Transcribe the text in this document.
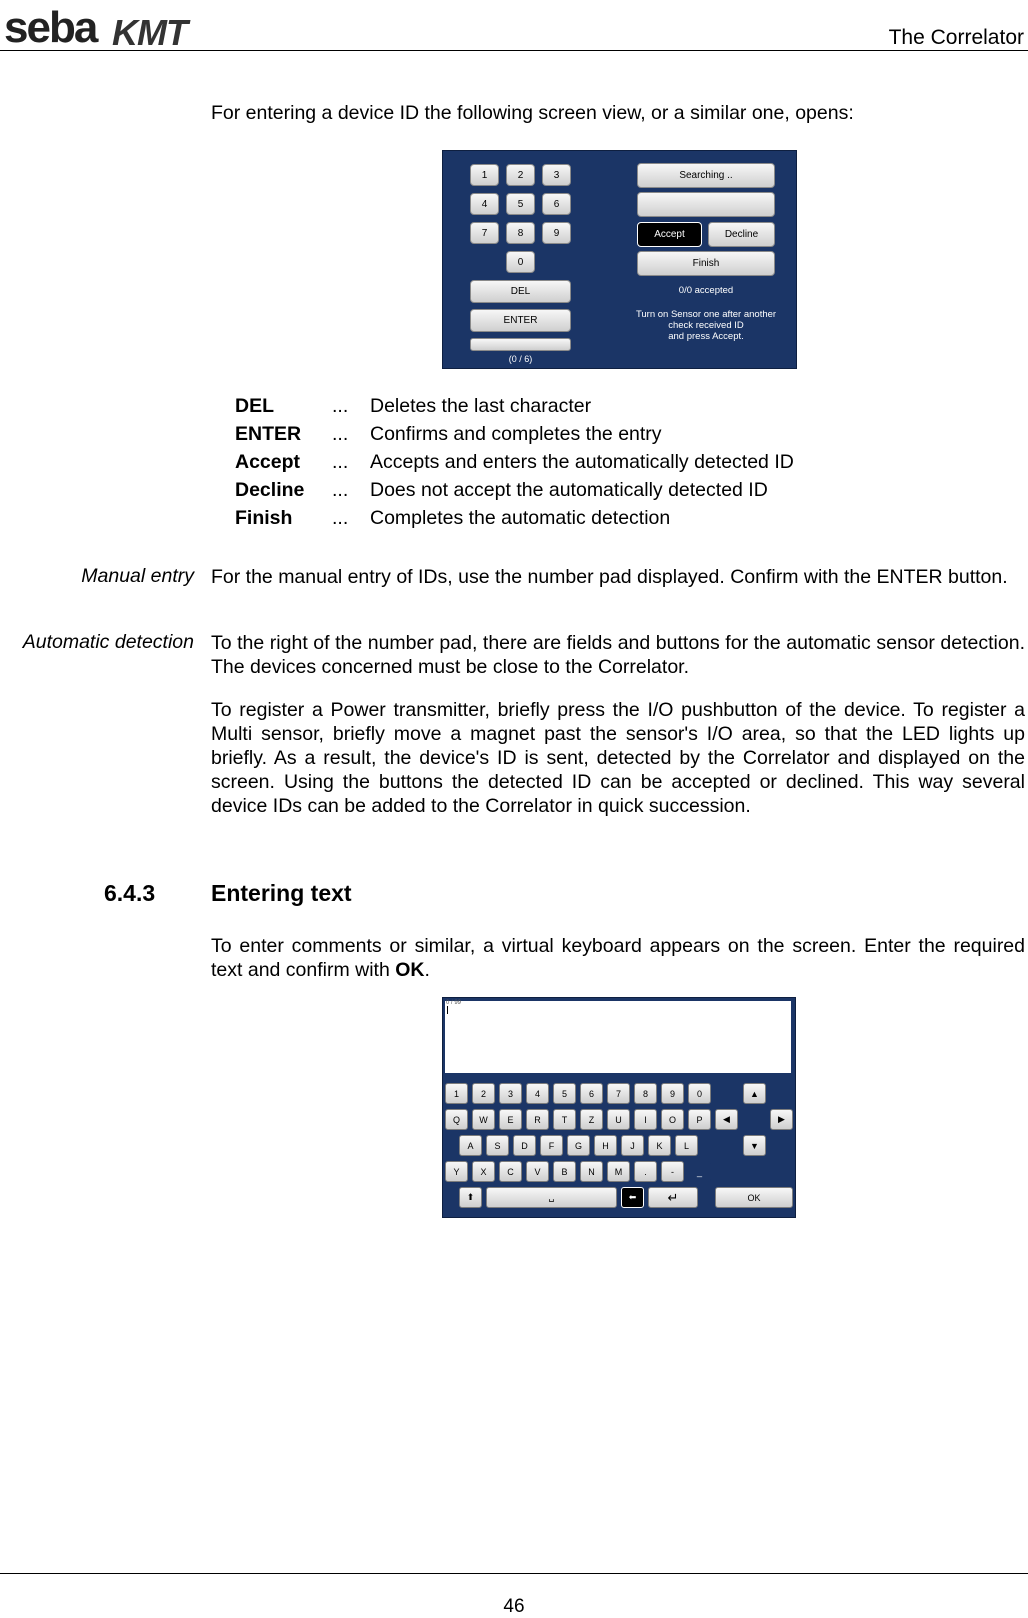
seba KMT	The Correlator
For entering a device ID the following screen view, or a similar one, opens:
1	2	3
4	5	6
7	8	9
0
DEL
ENTER
(0 / 6)
Searching ..
Accept	Decline
Finish
0/0 accepted
Turn on Sensor one after another
check received ID
and press Accept.
DEL	... Deletes the last character
ENTER ... Confirms and completes the entry
Accept ... Accepts and enters the automatically detected ID
Decline ... Does not accept the automatically detected ID
Finish ... Completes the automatic detection
Manual entry For the manual entry of IDs, use the number pad displayed. Confirm with the ENTER button.
Automatic detection To the right of the number pad, there are fields and buttons for the automatic sensor detection. The devices concerned must be close to the Correlator.
To register a Power transmitter, briefly press the I/O pushbutton of the device. To register a Multi sensor, briefly move a magnet past the sensor's I/O area, so that the LED lights up briefly. As a result, the device's ID is sent, detected by the Correlator and displayed on the screen. Using the buttons the detected ID can be accepted or declined. This way several device IDs can be added to the Correlator in quick succession.
6.4.3 Entering text
To enter comments or similar, a virtual keyboard appears on the screen. Enter the required text and confirm with OK.
0 / 99
1	2	3	4	5	6	7	8	9	0	▲
Q	W	E	R	T	Z	U	I	O	P	◀	▶
A	S	D	F	G	H	J	K	L	▼
Y	X	C	V	B	N	M	.	-	_
⬆	␣	⬅	↵	OK
46
